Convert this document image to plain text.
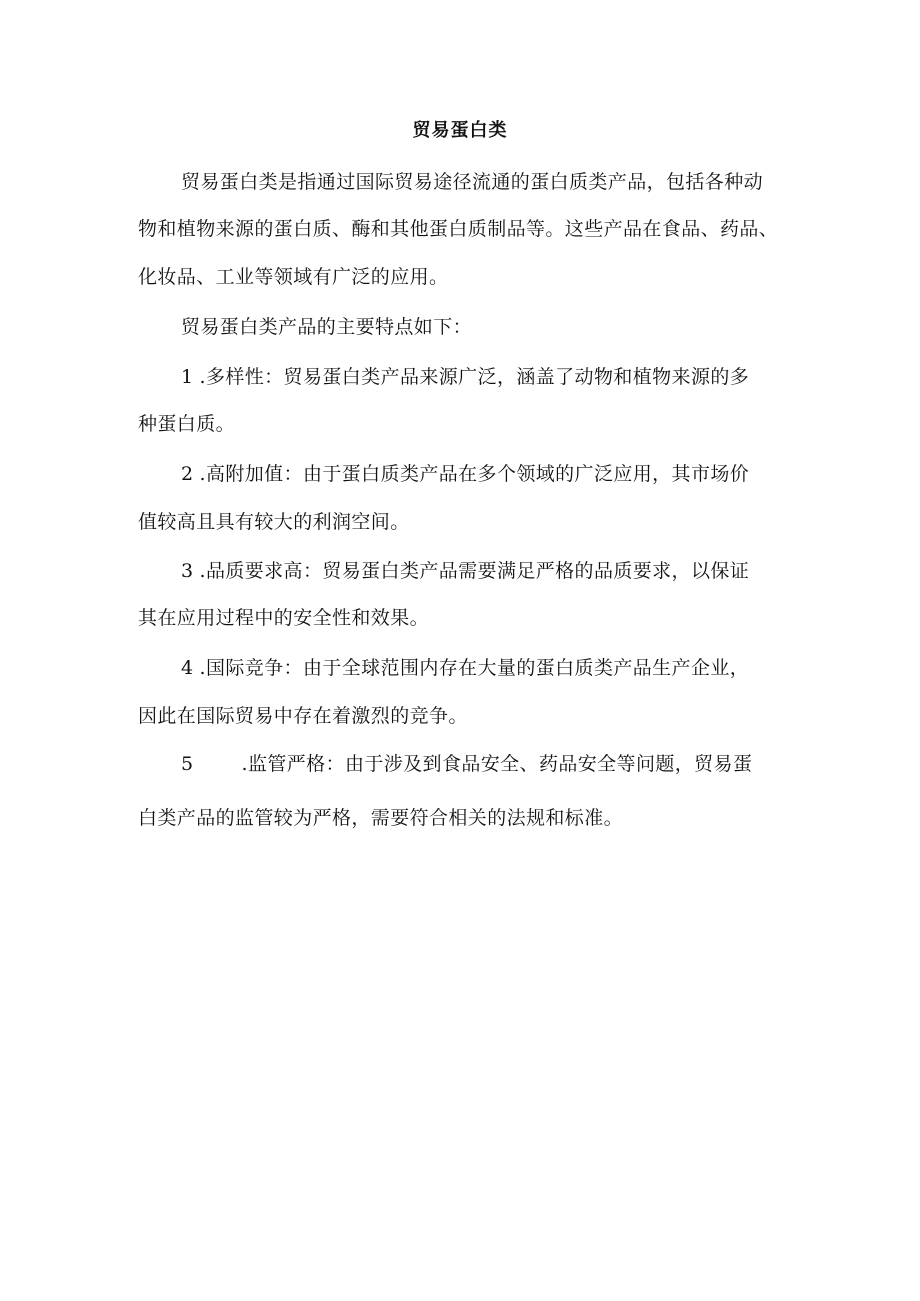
贸易蛋白类
贸易蛋白类是指通过国际贸易途径流通的蛋白质类产品，包括各种动
物和植物来源的蛋白质、酶和其他蛋白质制品等。这些产品在食品、药品、
化妆品、工业等领域有广泛的应用。
贸易蛋白类产品的主要特点如下：
1 .多样性：贸易蛋白类产品来源广泛，涵盖了动物和植物来源的多
种蛋白质。
2 .高附加值：由于蛋白质类产品在多个领域的广泛应用，其市场价
值较高且具有较大的利润空间。
3 .品质要求高：贸易蛋白类产品需要满足严格的品质要求，以保证
其在应用过程中的安全性和效果。
4 .国际竞争：由于全球范围内存在大量的蛋白质类产品生产企业，
因此在国际贸易中存在着激烈的竞争。
5	.监管严格：由于涉及到食品安全、药品安全等问题，贸易蛋
白类产品的监管较为严格，需要符合相关的法规和标准。
